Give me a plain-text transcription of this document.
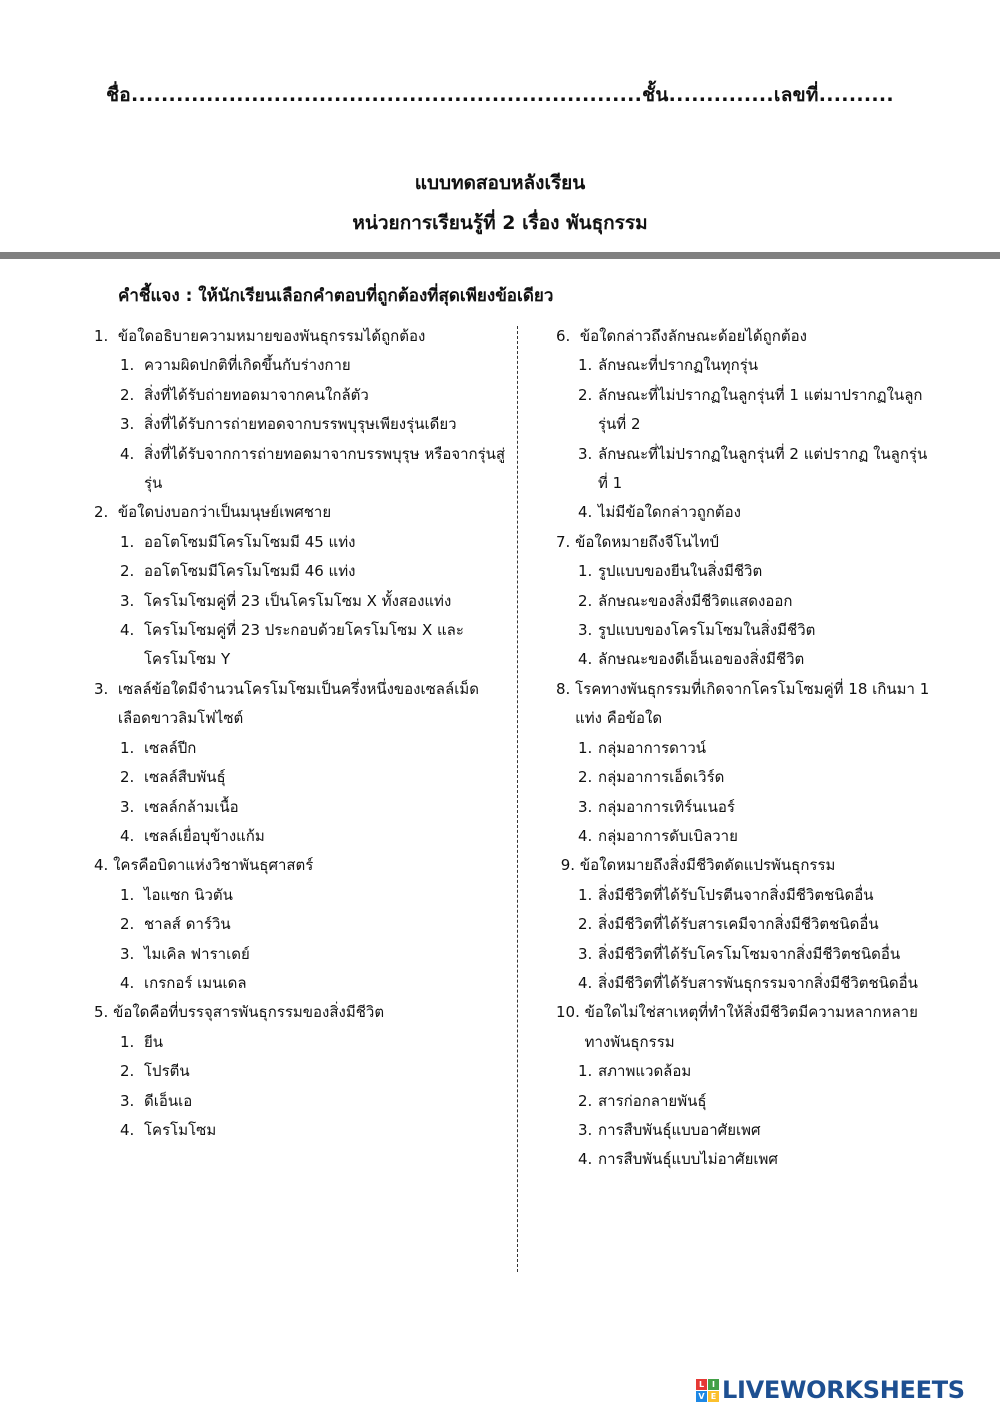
ชื่อ....................................................................ชั้น..............เลขที่..........
แบบทดสอบหลังเรียน
หน่วยการเรียนรู้ที่ 2 เรื่อง พันธุกรรม
คำชี้แจง : ให้นักเรียนเลือกคำตอบที่ถูกต้องที่สุดเพียงข้อเดียว
1. ข้อใดอธิบายความหมายของพันธุกรรมได้ถูกต้อง
1. ความผิดปกติที่เกิดขึ้นกับร่างกาย
2. สิ่งที่ได้รับถ่ายทอดมาจากคนใกล้ตัว
3. สิ่งที่ได้รับการถ่ายทอดจากบรรพบุรุษเพียงรุ่นเดียว
4. สิ่งที่ได้รับจากการถ่ายทอดมาจากบรรพบุรุษ หรือจากรุ่นสู่รุ่น
2. ข้อใดบ่งบอกว่าเป็นมนุษย์เพศชาย
1. ออโตโซมมีโครโมโซมมี 45 แท่ง
2. ออโตโซมมีโครโมโซมมี 46 แท่ง
3. โครโมโซมคู่ที่ 23 เป็นโครโมโซม X ทั้งสองแท่ง
4. โครโมโซมคู่ที่ 23 ประกอบด้วยโครโมโซม X และโครโมโซม Y
3. เซลล์ข้อใดมีจำนวนโครโมโซมเป็นครึ่งหนึ่งของเซลล์เม็ดเลือดขาวลิมโฟไซต์
1. เซลล์ปีก
2. เซลล์สืบพันธุ์
3. เซลล์กล้ามเนื้อ
4. เซลล์เยื่อบุข้างแก้ม
4. ใครคือบิดาแห่งวิชาพันธุศาสตร์
1. ไอแซก นิวตัน
2. ชาลส์ ดาร์วิน
3. ไมเคิล ฟาราเดย์
4. เกรกอร์ เมนเดล
5. ข้อใดคือที่บรรจุสารพันธุกรรมของสิ่งมีชีวิต
1. ยีน
2. โปรตีน
3. ดีเอ็นเอ
4. โครโมโซม
6. ข้อใดกล่าวถึงลักษณะด้อยได้ถูกต้อง
1. ลักษณะที่ปรากฏในทุกรุ่น
2. ลักษณะที่ไม่ปรากฏในลูกรุ่นที่ 1 แต่มาปรากฏในลูกรุ่นที่ 2
3. ลักษณะที่ไม่ปรากฏในลูกรุ่นที่ 2 แต่ปรากฏ ในลูกรุ่นที่ 1
4. ไม่มีข้อใดกล่าวถูกต้อง
7. ข้อใดหมายถึงจีโนไทป์
1. รูปแบบของยีนในสิ่งมีชีวิต
2. ลักษณะของสิ่งมีชีวิตแสดงออก
3. รูปแบบของโครโมโซมในสิ่งมีชีวิต
4. ลักษณะของดีเอ็นเอของสิ่งมีชีวิต
8. โรคทางพันธุกรรมที่เกิดจากโครโมโซมคู่ที่ 18 เกินมา 1 แท่ง คือข้อใด
1. กลุ่มอาการดาวน์
2. กลุ่มอาการเอ็ดเวิร์ด
3. กลุ่มอาการเทิร์นเนอร์
4. กลุ่มอาการดับเบิลวาย
9. ข้อใดหมายถึงสิ่งมีชีวิตดัดแปรพันธุกรรม
1. สิ่งมีชีวิตที่ได้รับโปรตีนจากสิ่งมีชีวิตชนิดอื่น
2. สิ่งมีชีวิตที่ได้รับสารเคมีจากสิ่งมีชีวิตชนิดอื่น
3. สิ่งมีชีวิตที่ได้รับโครโมโซมจากสิ่งมีชีวิตชนิดอื่น
4. สิ่งมีชีวิตที่ได้รับสารพันธุกรรมจากสิ่งมีชีวิตชนิดอื่น
10. ข้อใดไม่ใช่สาเหตุที่ทำให้สิ่งมีชีวิตมีความหลากหลายทางพันธุกรรม
1. สภาพแวดล้อม
2. สารก่อกลายพันธุ์
3. การสืบพันธุ์แบบอาศัยเพศ
4. การสืบพันธุ์แบบไม่อาศัยเพศ
L I
V E LIVEWORKSHEETS
